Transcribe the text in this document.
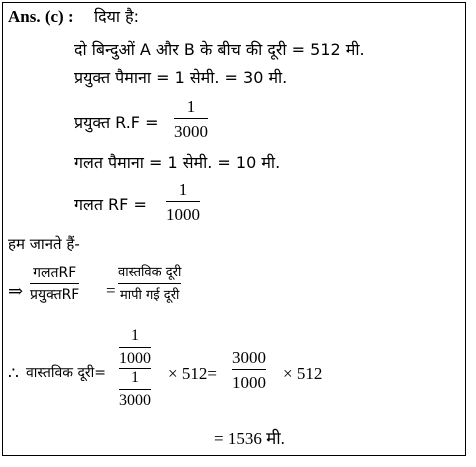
Ans. (c) : दिया है:
दो बिन्दुओं A और B के बीच की दूरी = 512 मी.
प्रयुक्त पैमाना = 1 सेमी. = 30 मी.
प्रयुक्त R.F =
1
3000
गलत पैमाना = 1 सेमी. = 10 मी.
गलत RF =
1
1000
हम जानते हैं-
⇒
गलतRF
प्रयुक्तRF =
वास्तविक दूरी
मापी गई दूरी
∴ वास्तविक दूरी=
$\frac{1}{1000}$
$\frac{1}{3000} \times 512=$
3000
1000 × 512
= 1536 मी.
